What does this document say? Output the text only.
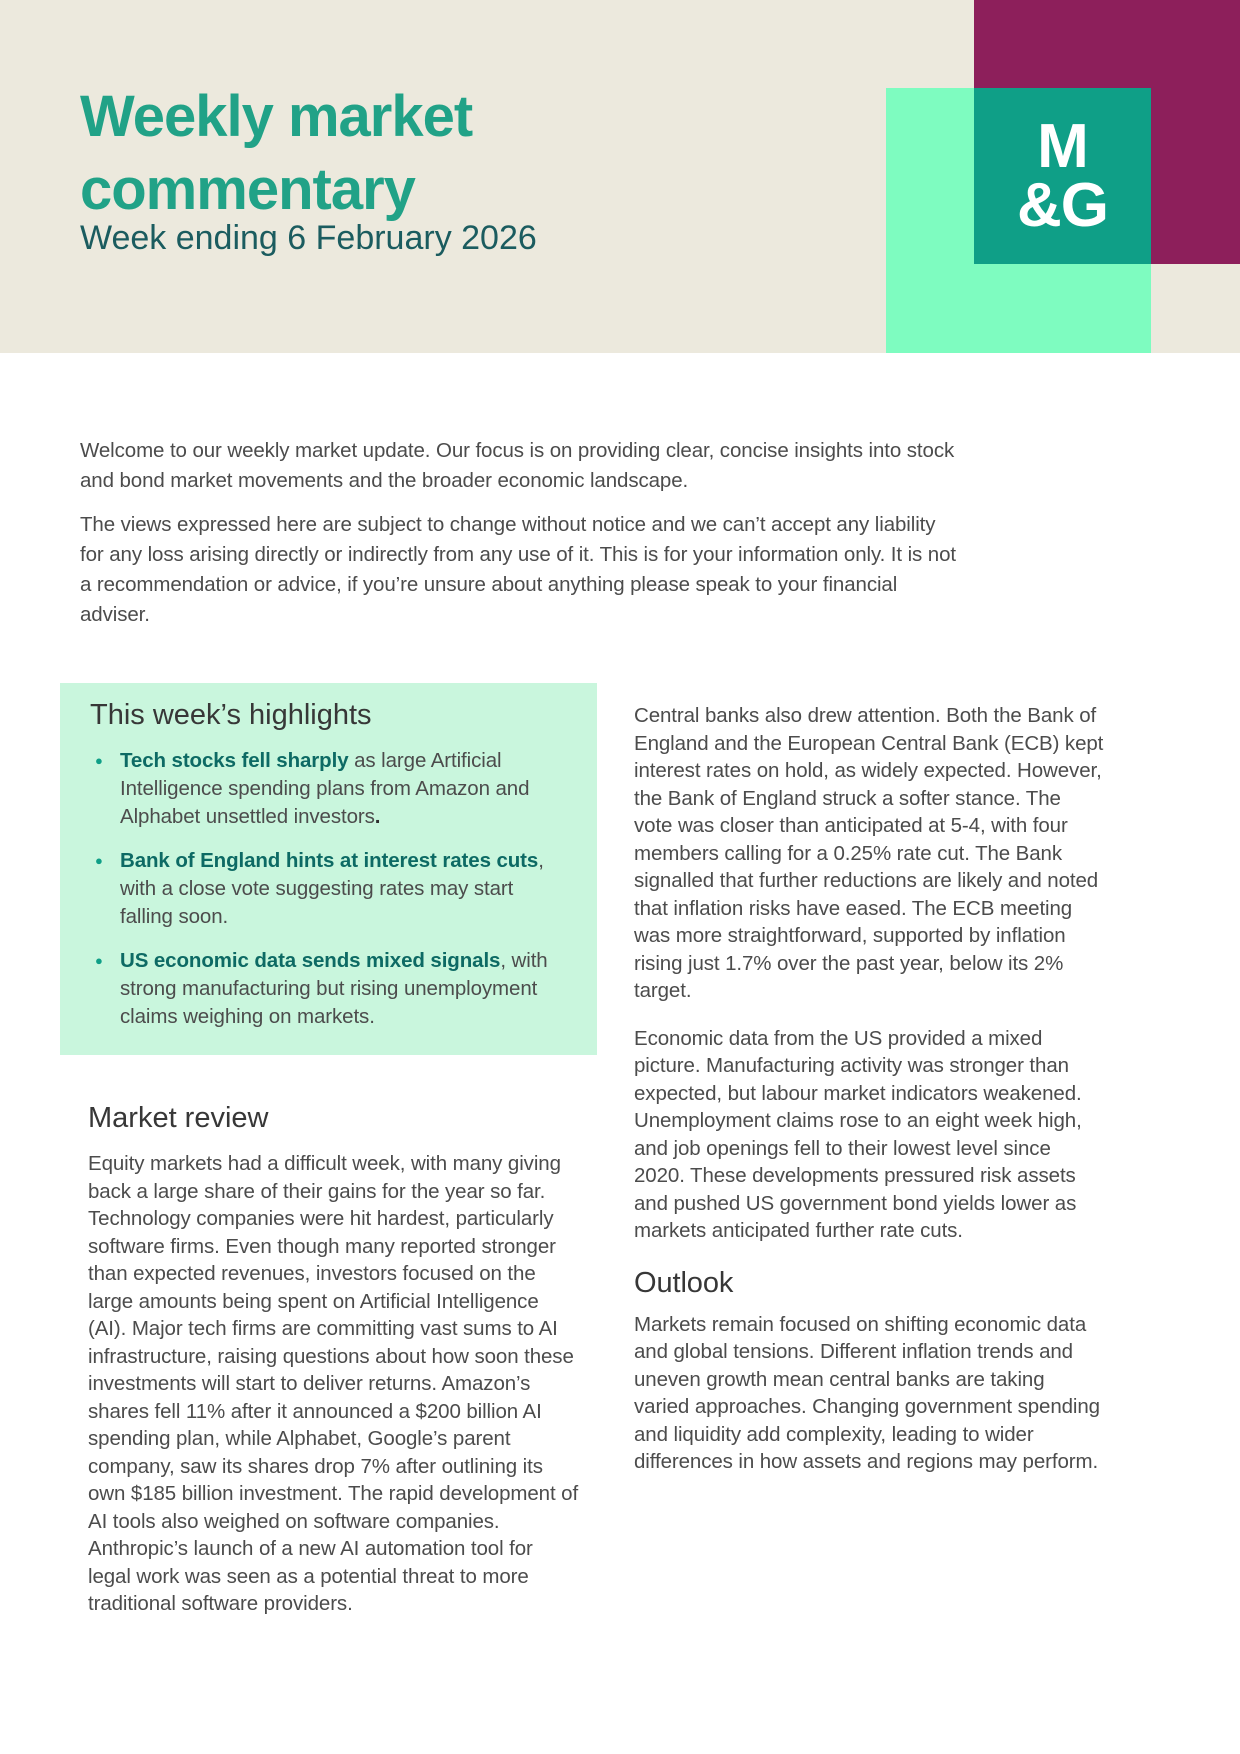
M
&G
Weekly market
commentary
Week ending 6 February 2026

Welcome to our weekly market update. Our focus is on providing clear, concise insights into stock and bond market movements and the broader economic landscape.

The views expressed here are subject to change without notice and we can’t accept any liability for any loss arising directly or indirectly from any use of it. This is for your information only. It is not a recommendation or advice, if you’re unsure about anything please speak to your financial adviser.

This week’s highlights
● Tech stocks fell sharply as large Artificial Intelligence spending plans from Amazon and Alphabet unsettled investors.
● Bank of England hints at interest rates cuts, with a close vote suggesting rates may start falling soon.
● US economic data sends mixed signals, with strong manufacturing but rising unemployment claims weighing on markets.
Market review

Equity markets had a difficult week, with many giving back a large share of their gains for the year so far. Technology companies were hit hardest, particularly software firms. Even though many reported stronger than expected revenues, investors focused on the large amounts being spent on Artificial Intelligence (AI). Major tech firms are committing vast sums to AI infrastructure, raising questions about how soon these investments will start to deliver returns. Amazon’s shares fell 11% after it announced a $200 billion AI spending plan, while Alphabet, Google’s parent company, saw its shares drop 7% after outlining its own $185 billion investment. The rapid development of AI tools also weighed on software companies. Anthropic’s launch of a new AI automation tool for legal work was seen as a potential threat to more traditional software providers.

Central banks also drew attention. Both the Bank of England and the European Central Bank (ECB) kept interest rates on hold, as widely expected. However, the Bank of England struck a softer stance. The vote was closer than anticipated at 5-4, with four members calling for a 0.25% rate cut. The Bank signalled that further reductions are likely and noted that inflation risks have eased. The ECB meeting was more straightforward, supported by inflation rising just 1.7% over the past year, below its 2% target.

Economic data from the US provided a mixed picture. Manufacturing activity was stronger than expected, but labour market indicators weakened. Unemployment claims rose to an eight week high, and job openings fell to their lowest level since 2020. These developments pressured risk assets and pushed US government bond yields lower as markets anticipated further rate cuts.

Outlook

Markets remain focused on shifting economic data and global tensions. Different inflation trends and uneven growth mean central banks are taking varied approaches. Changing government spending and liquidity add complexity, leading to wider differences in how assets and regions may perform.
